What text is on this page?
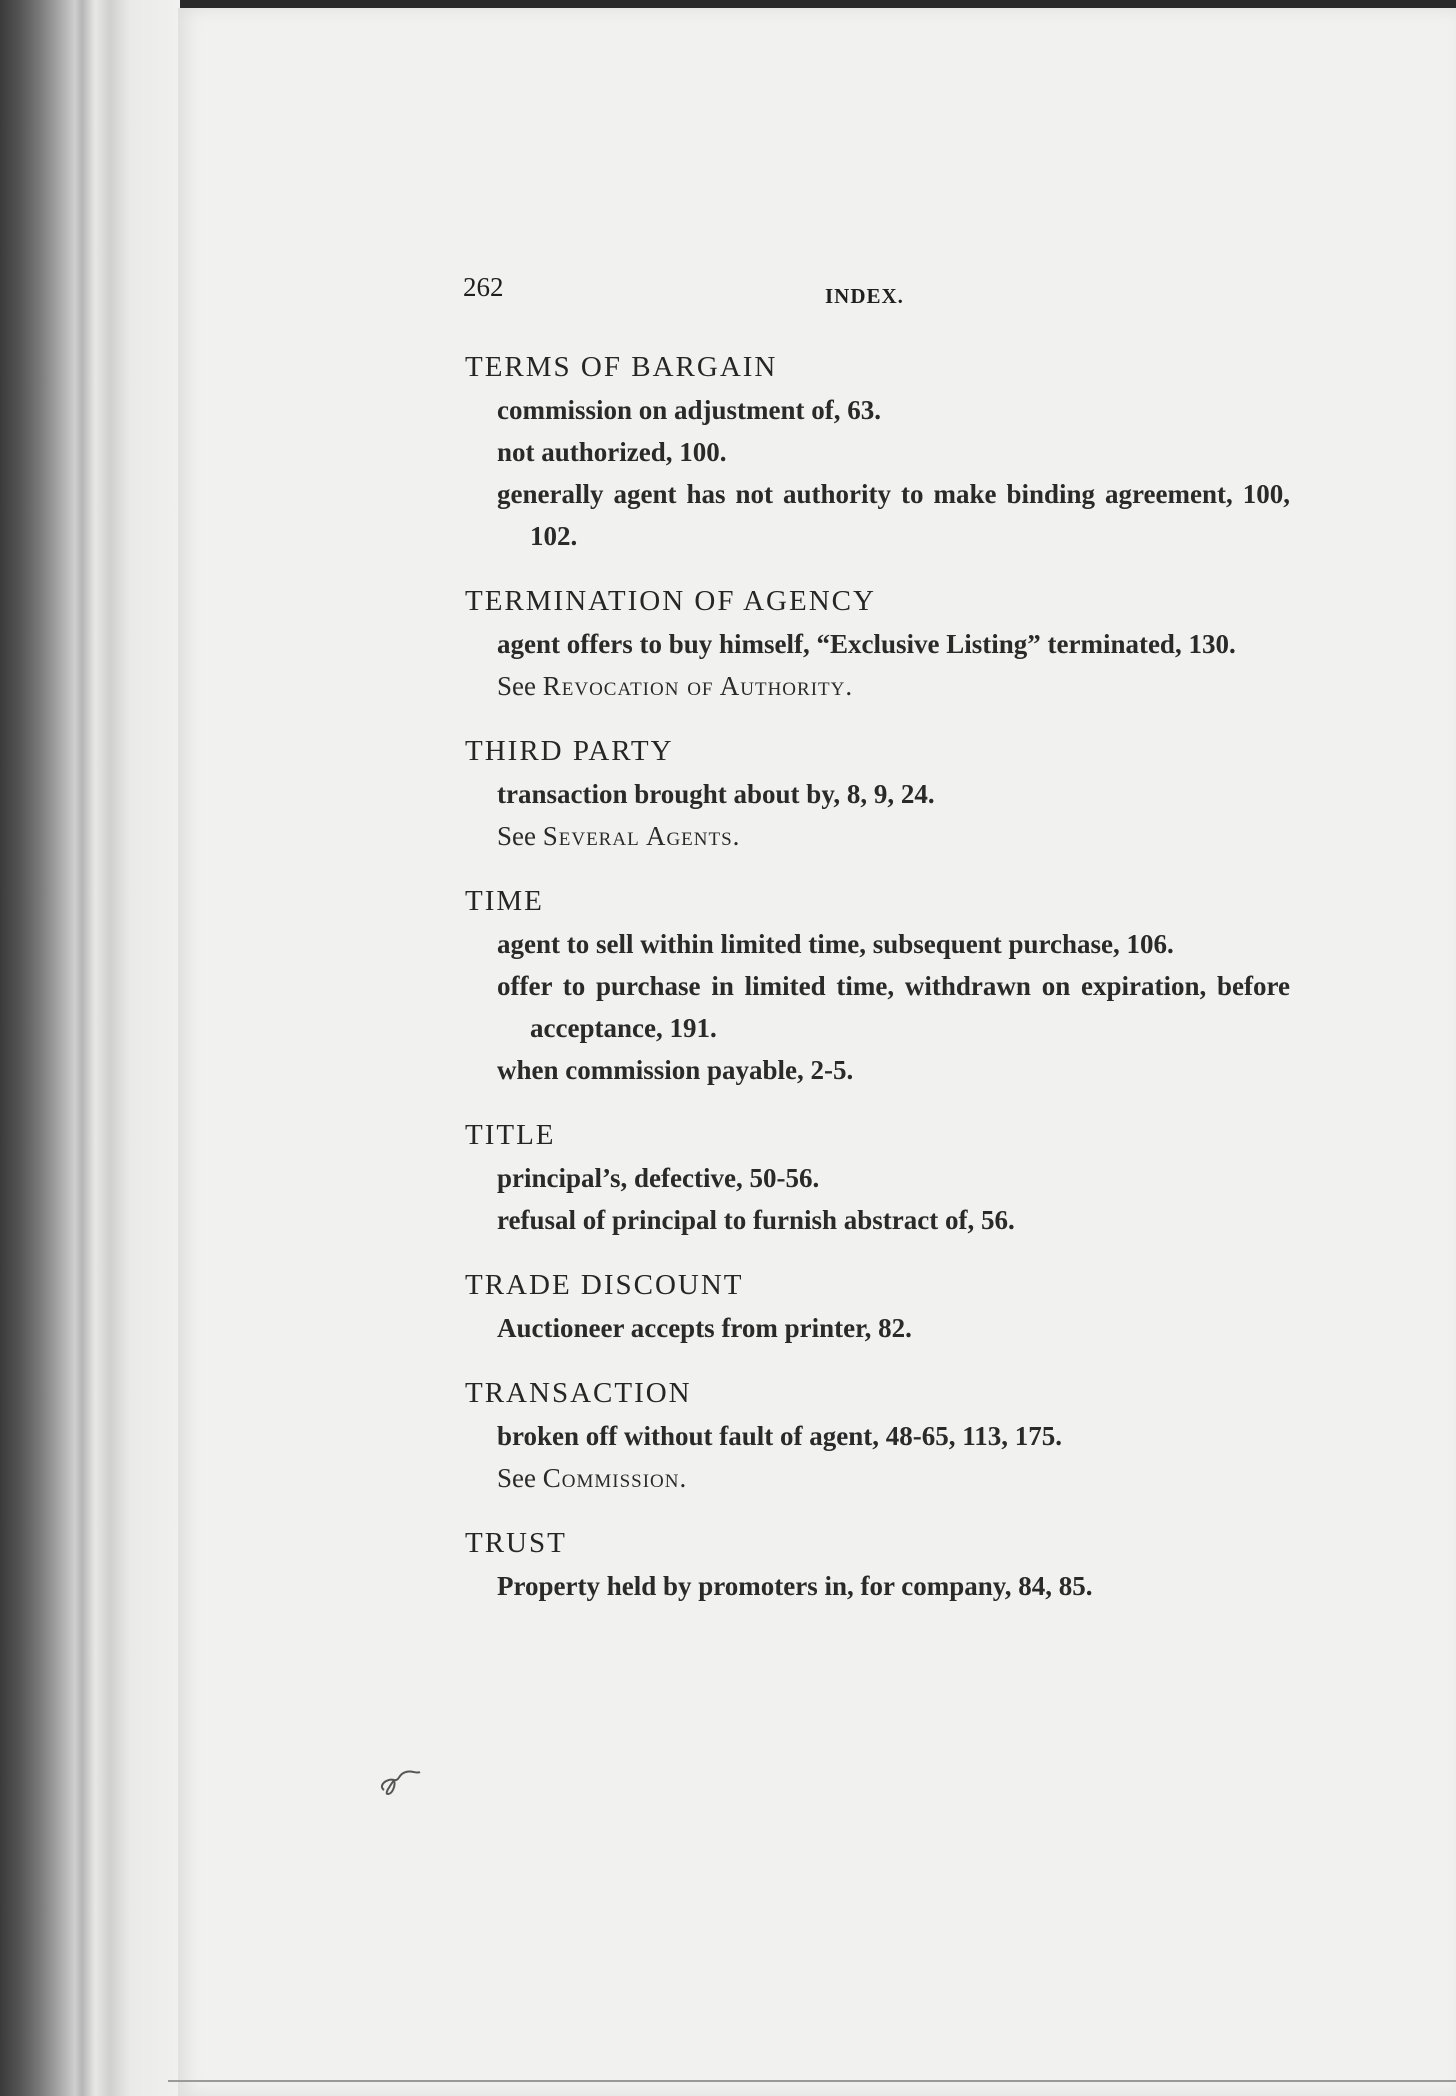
262	INDEX.
TERMS OF BARGAIN
commission on adjustment of, 63.
not authorized, 100.
generally agent has not authority to make binding agreement, 100, 102.
TERMINATION OF AGENCY
agent offers to buy himself, “Exclusive Listing” terminated, 130.
See Revocation of Authority.
THIRD PARTY
transaction brought about by, 8, 9, 24.
See Several Agents.
TIME
agent to sell within limited time, subsequent purchase, 106.
offer to purchase in limited time, withdrawn on expiration, before acceptance, 191.
when commission payable, 2-5.
TITLE
principal’s, defective, 50-56.
refusal of principal to furnish abstract of, 56.
TRADE DISCOUNT
Auctioneer accepts from printer, 82.
TRANSACTION
broken off without fault of agent, 48-65, 113, 175.
See Commission.
TRUST
Property held by promoters in, for company, 84, 85.
